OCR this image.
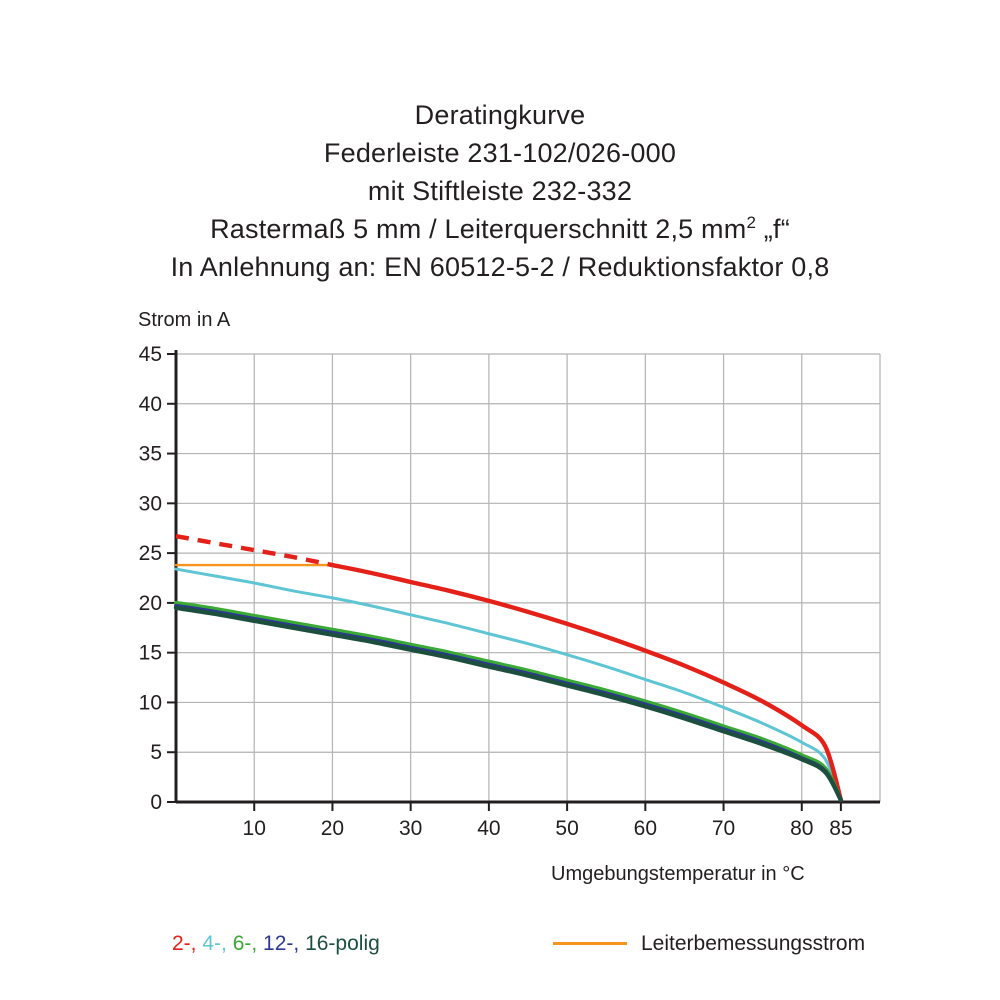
Deratingkurve
Federleiste 231-102/026-000
mit Stiftleiste 232-332
Rastermaß 5 mm / Leiterquerschnitt 2,5 $mm^2$ „f“
In Anlehnung an: EN 60512-5-2 / Reduktionsfaktor 0,8
Strom in A
Umgebungstemperatur in °C
0
5
10
15
20
25
30
35
40
45
10	20	30	40	50	60	70	80 85
2-, 4-, 6-, 12-, 16-polig	Leiterbemessungsstrom
